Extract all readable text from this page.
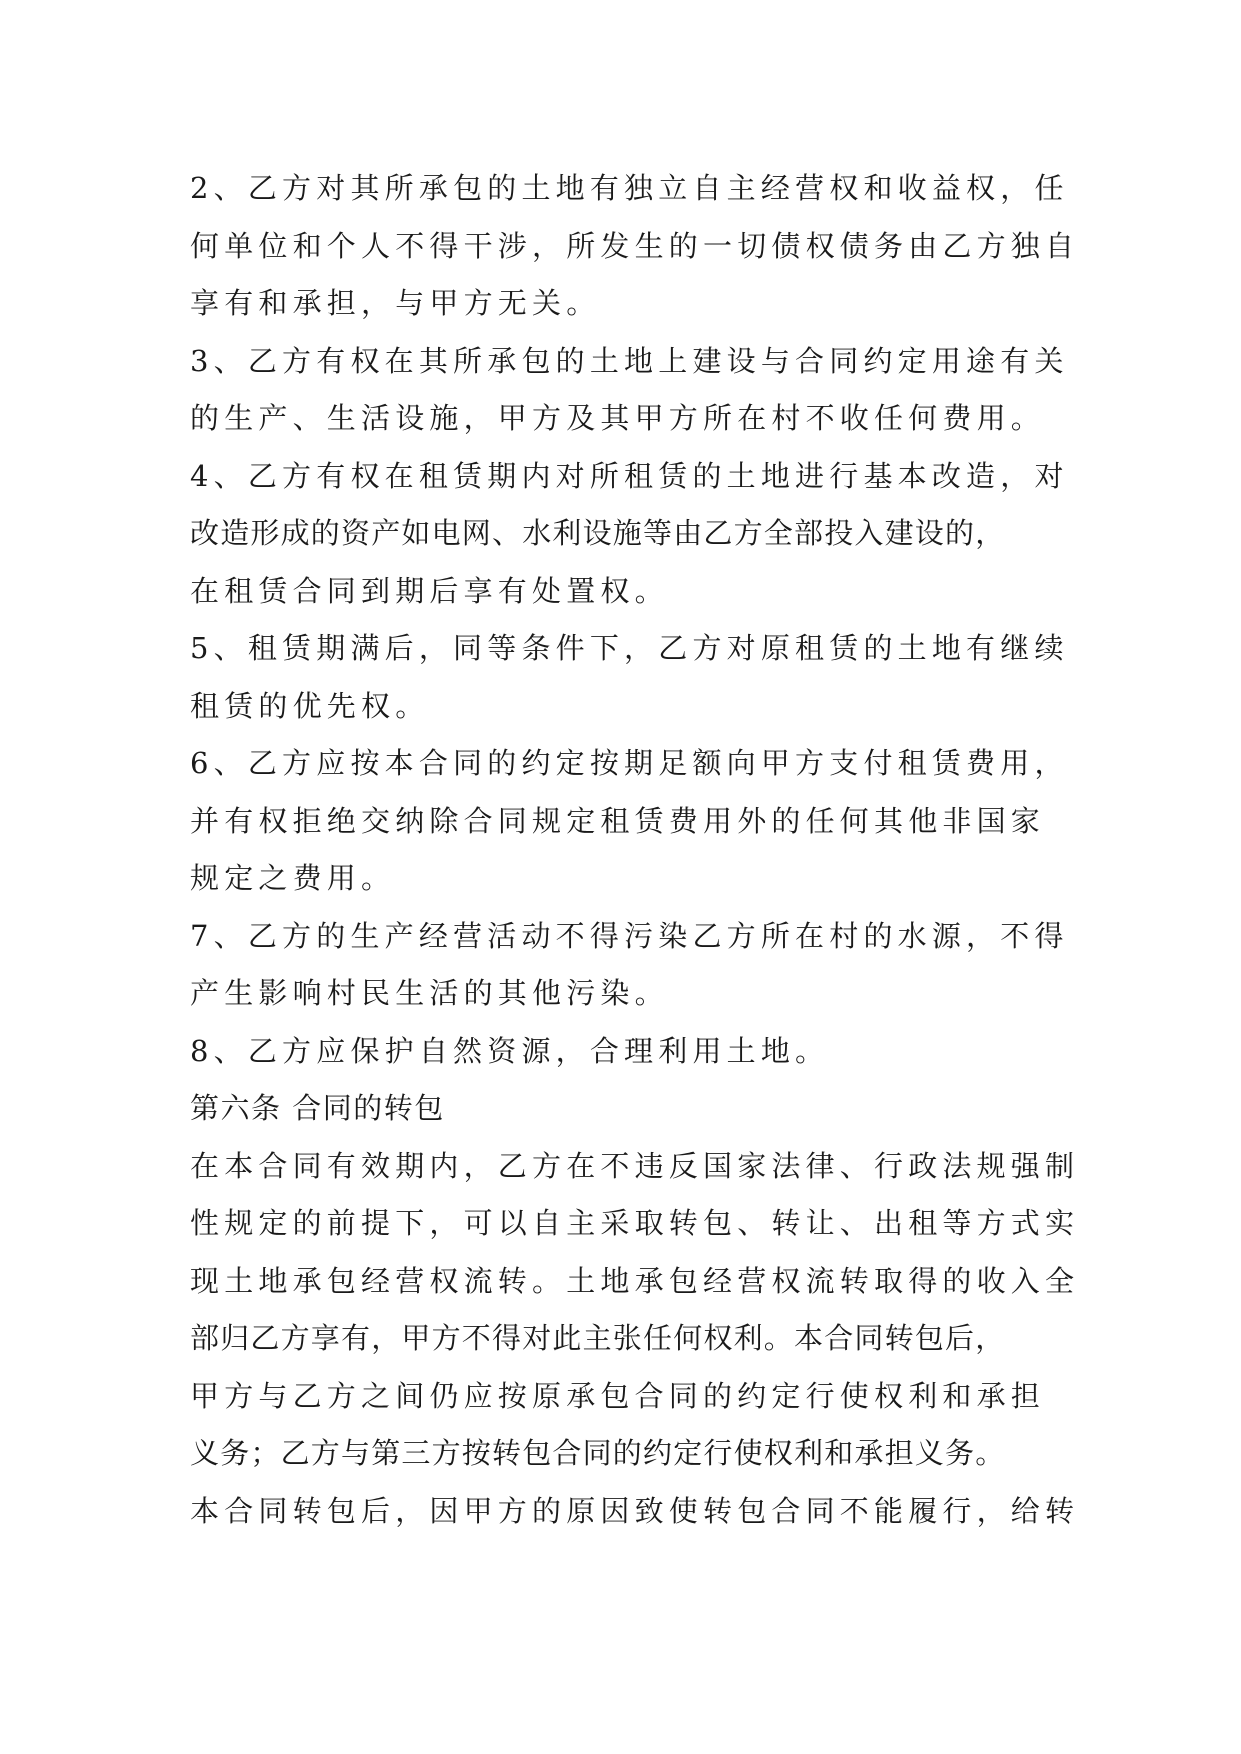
2、乙方对其所承包的土地有独立自主经营权和收益权，任
何单位和个人不得干涉，所发生的一切债权债务由乙方独自
享有和承担，与甲方无关。
3、乙方有权在其所承包的土地上建设与合同约定用途有关
的生产、生活设施，甲方及其甲方所在村不收任何费用。
4、乙方有权在租赁期内对所租赁的土地进行基本改造，对
改造形成的资产如电网、水利设施等由乙方全部投入建设的，
在租赁合同到期后享有处置权。
5、租赁期满后，同等条件下，乙方对原租赁的土地有继续
租赁的优先权。
6、乙方应按本合同的约定按期足额向甲方支付租赁费用，
并有权拒绝交纳除合同规定租赁费用外的任何其他非国家
规定之费用。
7、乙方的生产经营活动不得污染乙方所在村的水源，不得
产生影响村民生活的其他污染。
8、乙方应保护自然资源，合理利用土地。
第六条 合同的转包
在本合同有效期内，乙方在不违反国家法律、行政法规强制
性规定的前提下，可以自主采取转包、转让、出租等方式实
现土地承包经营权流转。土地承包经营权流转取得的收入全
部归乙方享有，甲方不得对此主张任何权利。本合同转包后，
甲方与乙方之间仍应按原承包合同的约定行使权利和承担
义务；乙方与第三方按转包合同的约定行使权利和承担义务。
本合同转包后，因甲方的原因致使转包合同不能履行，给转
